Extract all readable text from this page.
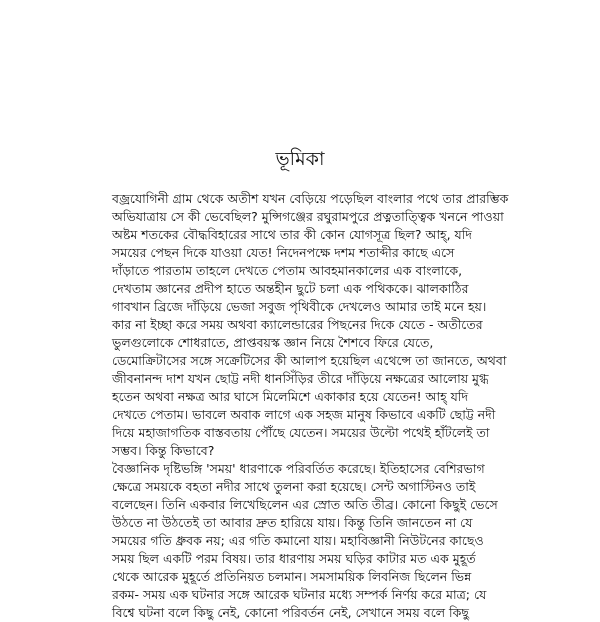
ভূমিকা
বজ্রযোগিনী গ্রাম থেকে অতীশ যখন বেড়িয়ে পড়েছিল বাংলার পথে তার প্রারম্ভিক
অভিযাত্রায় সে কী ভেবেছিল? মুন্সিগঞ্জের রঘুরামপুরে প্রত্নতাত্ত্বিক খননে পাওয়া
অষ্টম শতকের বৌদ্ধবিহারের সাথে তার কী কোন যোগসূত্র ছিল? আহ্‌, যদি
সময়ের পেছন দিকে যাওয়া যেত! নিদেনপক্ষে দশম শতাব্দীর কাছে এসে
দাঁড়াতে পারতাম তাহলে দেখতে পেতাম আবহমানকালের এক বাংলাকে,
দেখতাম জ্ঞানের প্রদীপ হাতে অন্তহীন ছুটে চলা এক পথিককে। ঝালকাঠির
গাবখান ব্রিজে দাঁড়িয়ে ভেজা সবুজ পৃথিবীকে দেখলেও আমার তাই মনে হয়।
কার না ইচ্ছা করে সময় অথবা ক্যালেন্ডারের পিছনের দিকে যেতে - অতীতের
ভুলগুলোকে শোধরাতে, প্রাপ্তবয়স্ক জ্ঞান নিয়ে শৈশবে ফিরে যেতে,
ডেমোক্রিটাসের সঙ্গে সক্রেটিসের কী আলাপ হয়েছিল এথেন্সে তা জানতে, অথবা
জীবনানন্দ দাশ যখন ছোট্ট নদী ধানসিঁড়ির তীরে দাঁড়িয়ে নক্ষত্রের আলোয় মুগ্ধ
হতেন অথবা নক্ষত্র আর ঘাসে মিলেমিশে একাকার হয়ে যেতেন! আহ্‌ যদি
দেখতে পেতাম। ভাবলে অবাক লাগে এক সহজ মানুষ কিভাবে একটি ছোট্ট নদী
দিয়ে মহাজাগতিক বাস্তবতায় পৌঁছে যেতেন। সময়ের উল্টো পথেই হাঁটলেই তা
সম্ভব। কিন্তু কিভাবে?
বৈজ্ঞানিক দৃষ্টিভঙ্গি 'সময়' ধারণাকে পরিবর্তিত করেছে। ইতিহাসের বেশিরভাগ
ক্ষেত্রে সময়কে বহতা নদীর সাথে তুলনা করা হয়েছে। সেন্ট অগাস্টিনও তাই
বলেছেন। তিনি একবার লিখেছিলেন এর স্রোত অতি তীব্র। কোনো কিছুই ভেসে
উঠতে না উঠতেই তা আবার দ্রুত হারিয়ে যায়। কিন্তু তিনি জানতেন না যে
সময়ের গতি ধ্রুবক নয়; এর গতি কমানো যায়। মহাবিজ্ঞানী নিউটনের কাছেও
সময় ছিল একটি পরম বিষয়। তার ধারণায় সময় ঘড়ির কাটার মত এক মুহূর্ত
থেকে আরেক মুহূর্তে প্রতিনিয়ত চলমান। সমসাময়িক লিবনিজ ছিলেন ভিন্ন
রকম- সময় এক ঘটনার সঙ্গে আরেক ঘটনার মধ্যে সম্পর্ক নির্ণয় করে মাত্র; যে
বিশ্বে ঘটনা বলে কিছু নেই, কোনো পরিবর্তন নেই, সেখানে সময় বলে কিছু
